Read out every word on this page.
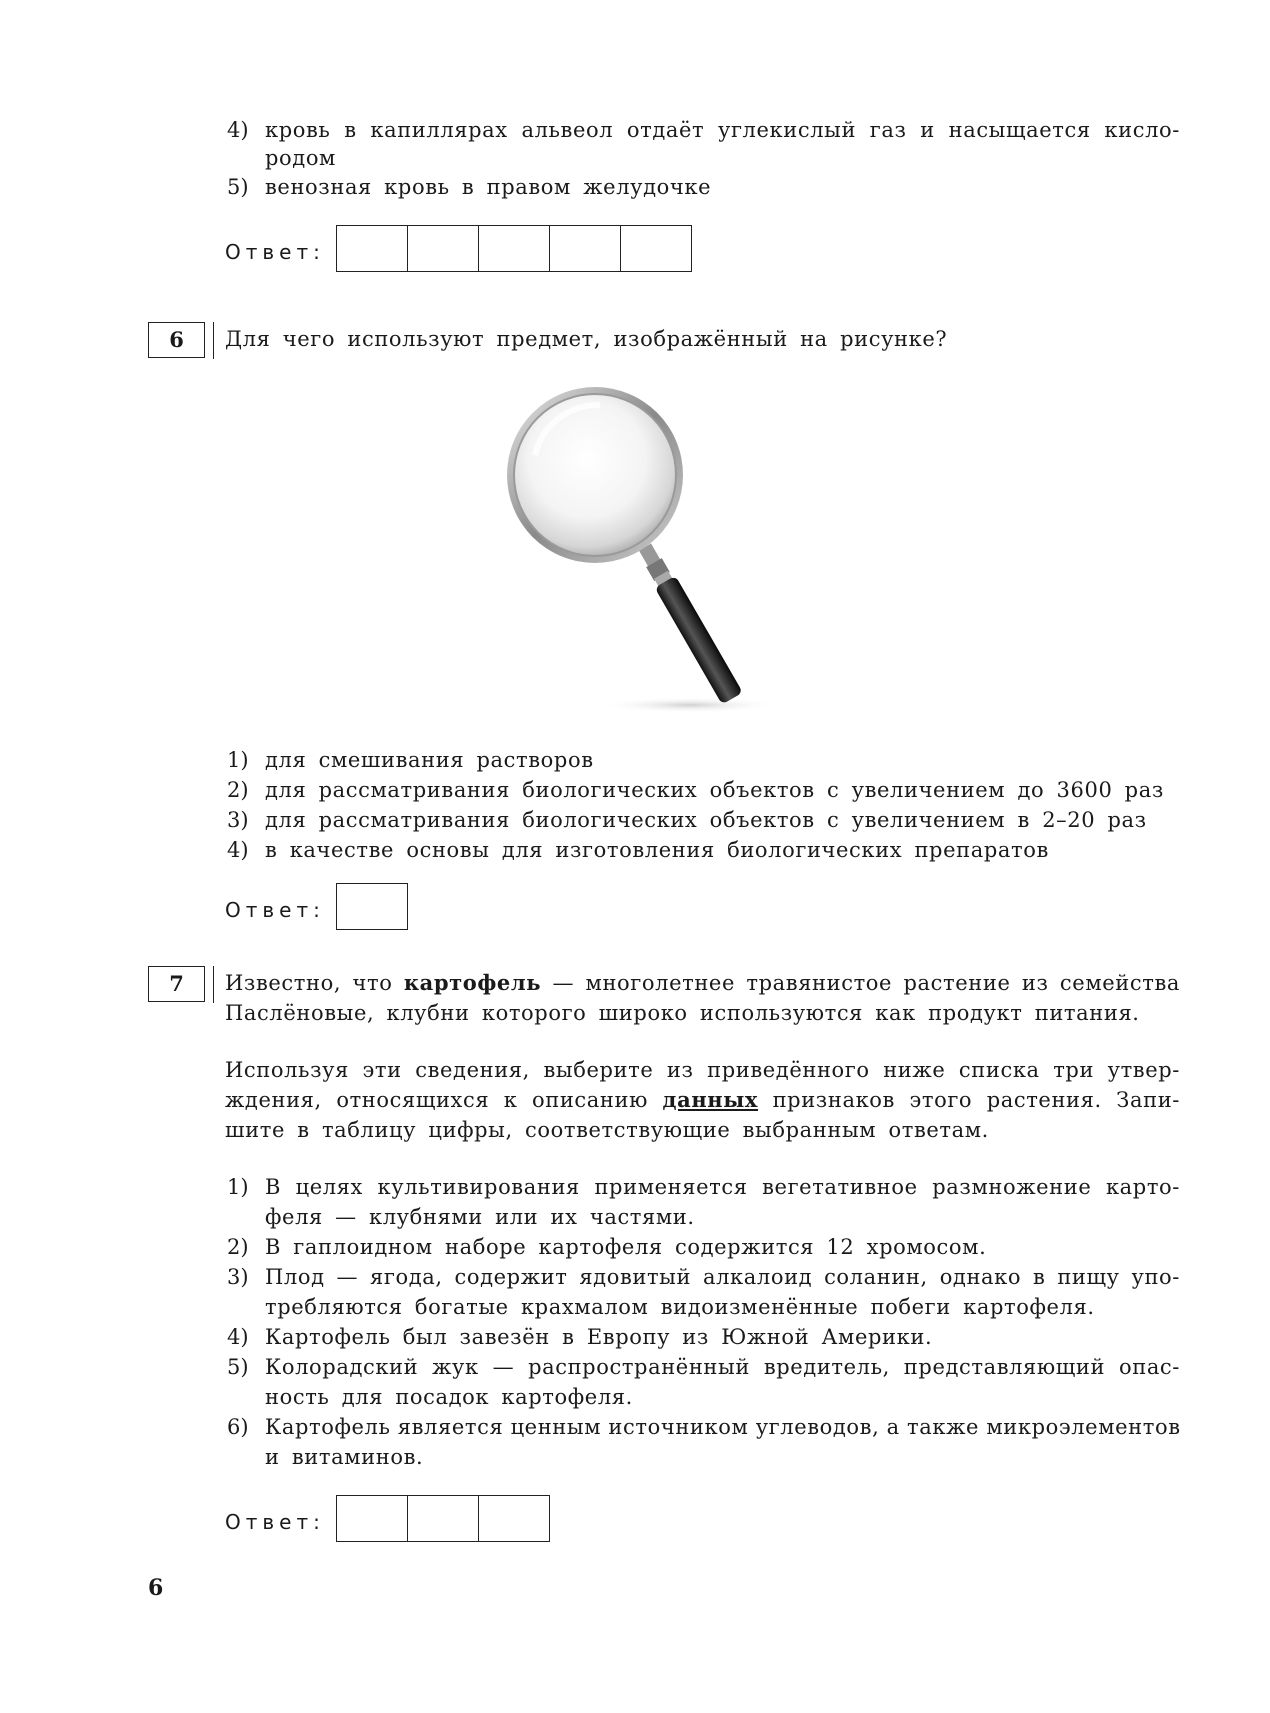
4) кровь в капиллярах альвеол отдаёт углекислый газ и насыщается кисло-
родом
5) венозная кровь в правом желудочке
Ответ:
6	Для чего используют предмет, изображённый на рисунке?
1) для смешивания растворов
2) для рассматривания биологических объектов с увеличением до 3600 раз
3) для рассматривания биологических объектов с увеличением в 2–20 раз
4) в качестве основы для изготовления биологических препаратов
Ответ:
7	Известно, что картофель — многолетнее травянистое растение из семейства
Паслёновые, клубни которого широко используются как продукт питания.
Используя эти сведения, выберите из приведённого ниже списка три утвер-
ждения, относящихся к описанию данных признаков этого растения. Запи-
шите в таблицу цифры, соответствующие выбранным ответам.
1) В целях культивирования применяется вегетативное размножение карто-
феля — клубнями или их частями.
2) В гаплоидном наборе картофеля содержится 12 хромосом.
3) Плод — ягода, содержит ядовитый алкалоид соланин, однако в пищу упо-
требляются богатые крахмалом видоизменённые побеги картофеля.
4) Картофель был завезён в Европу из Южной Америки.
5) Колорадский жук — распространённый вредитель, представляющий опас-
ность для посадок картофеля.
6) Картофель является ценным источником углеводов, а также микроэлементов
и витаминов.
Ответ:
6
